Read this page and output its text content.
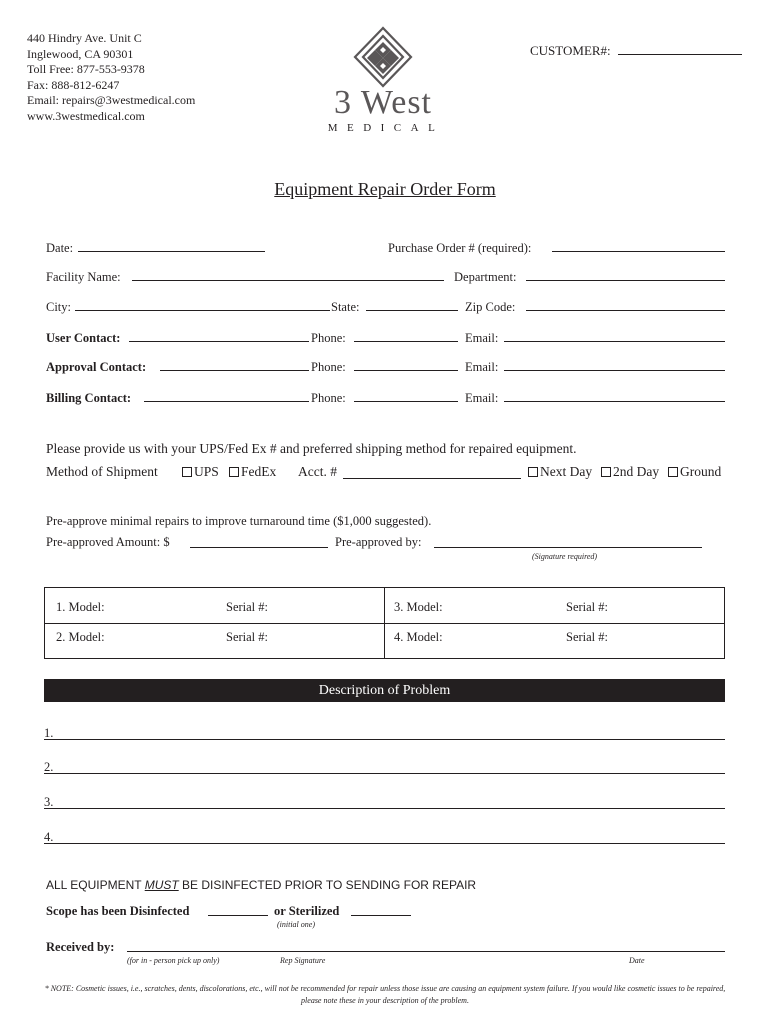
440 Hindry Ave. Unit C
Inglewood, CA 90301
Toll Free: 877-553-9378
Fax: 888-812-6247
Email: repairs@3westmedical.com
www.3westmedical.com	3 West
MEDICAL
CUSTOMER#:
Equipment Repair Order Form
Date:	Purchase Order # (required):
Facility Name:	Department:
City:	State:	Zip Code:
User Contact:	Phone:	Email:
Approval Contact:	Phone:	Email:
Billing Contact:	Phone:	Email:
Please provide us with your UPS/Fed Ex # and preferred shipping method for repaired equipment.
Method of Shipment	UPS	FedEx Acct. #	Next Day	2nd Day	Ground
Pre-approve minimal repairs to improve turnaround time ($1,000 suggested).
Pre-approved Amount: $	Pre-approved by:
(Signature required)
1. Model:	Serial #:	3. Model:	Serial #:
2. Model:	Serial #:	4. Model:	Serial #:
Description of Problem
1.
2.
3.
4.
ALL EQUIPMENT MUST BE DISINFECTED PRIOR TO SENDING FOR REPAIR
Scope has been Disinfected	or Sterilized
(initial one)
Received by:
(for in - person pick up only)	Rep Signature	Date
* NOTE: Cosmetic issues, i.e., scratches, dents, discolorations, etc., will not be recommended for repair unless those issue are causing an equipment system failure. If you would like cosmetic issues to be repaired, please note these in your description of the problem.
